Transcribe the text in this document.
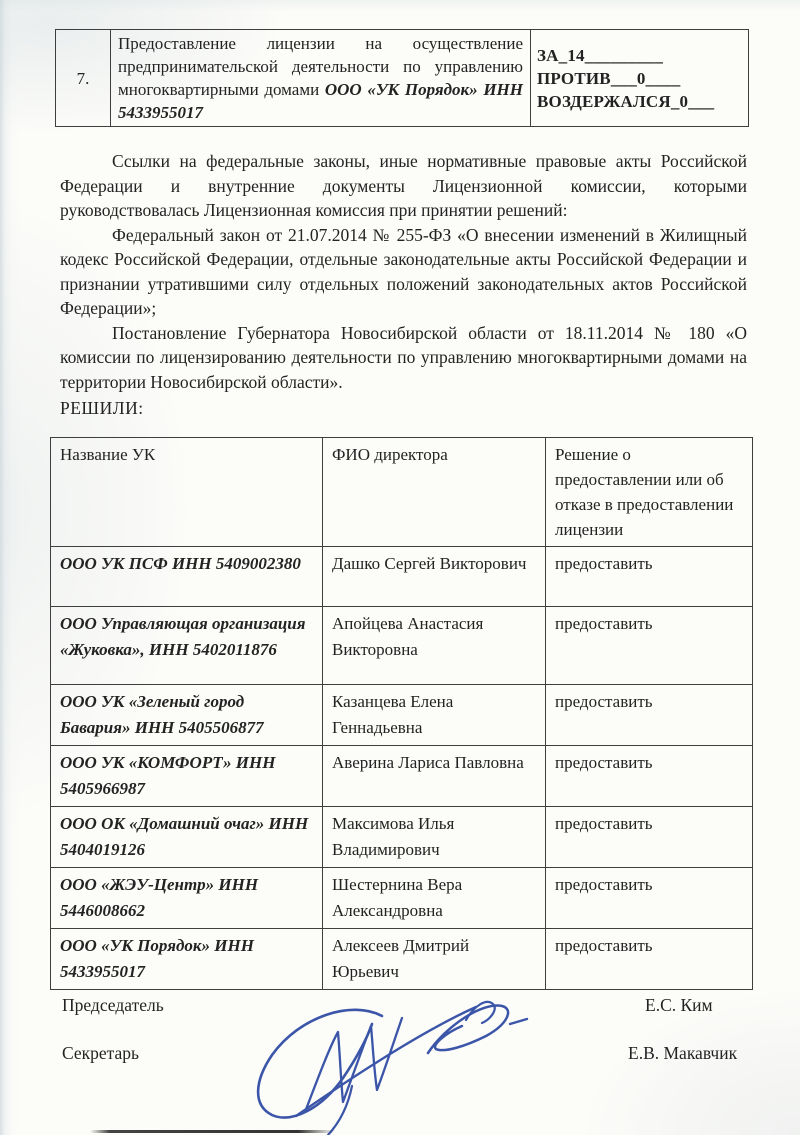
7.	Предоставление лицензии на осуществление предпринимательской деятельности по управлению многоквартирными домами ООО «УК Порядок» ИНН 5433955017	
ЗА_14_________
ПРОТИВ___0____
ВОЗДЕРЖАЛСЯ_0___

Ссылки на федеральные законы, иные нормативные правовые акты Российской Федерации и внутренние документы Лицензионной комиссии, которыми руководствовалась Лицензионная комиссия при принятии решений:

Федеральный закон от 21.07.2014 № 255-ФЗ «О внесении изменений в Жилищный кодекс Российской Федерации, отдельные законодательные акты Российской Федерации и признании утратившими силу отдельных положений законодательных актов Российской Федерации»;

Постановление Губернатора Новосибирской области от 18.11.2014 № 180 «О комиссии по лицензированию деятельности по управлению многоквартирными домами на территории Новосибирской области».

РЕШИЛИ:
Название УК	ФИО директора	Решение о предоставлении или об отказе в предоставлении лицензии
ООО УК ПСФ ИНН 5409002380	Дашко Сергей Викторович	предоставить
ООО Управляющая организация «Жуковка», ИНН 5402011876	Апойцева Анастасия Викторовна	предоставить
ООО УК «Зеленый город Бавария» ИНН 5405506877	Казанцева Елена Геннадьевна	предоставить
ООО УК «КОМФОРТ» ИНН 5405966987	Аверина Лариса Павловна	предоставить
ООО ОК «Домашний очаг» ИНН 5404019126	Максимова Илья Владимирович	предоставить
ООО «ЖЭУ-Центр» ИНН 5446008662	Шестернина Вера Александровна	предоставить
ООО «УК Порядок» ИНН 5433955017	Алексеев Дмитрий Юрьевич	предоставить
Председатель	Е.С. Ким
Секретарь	Е.В. Макавчик
